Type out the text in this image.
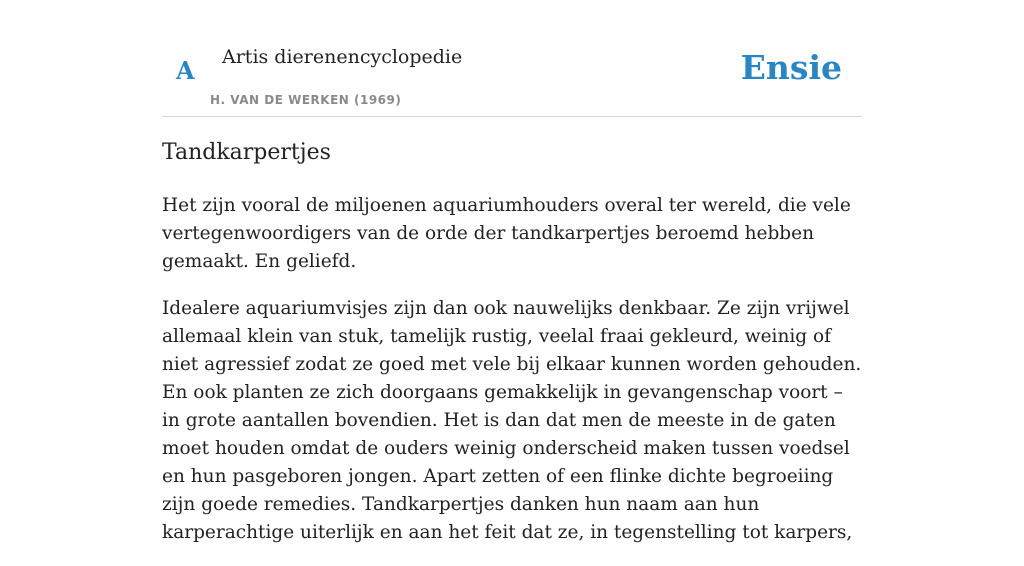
A Artis dierenencyclopedie
H. VAN DE WERKEN (1969)
Ensie
Tandkarpertjes

Het zijn vooral de miljoenen aquariumhouders overal ter wereld, die vele vertegenwoordigers van de orde der tandkarpertjes beroemd hebben gemaakt. En geliefd.

Idealere aquariumvisjes zijn dan ook nauwelijks denkbaar. Ze zijn vrijwel allemaal klein van stuk, tamelijk rustig, veelal fraai gekleurd, weinig of niet agressief zodat ze goed met vele bij elkaar kunnen worden gehouden. En ook planten ze zich doorgaans gemakkelijk in gevangenschap voort – in grote aantallen bovendien. Het is dan dat men de meeste in de gaten moet houden omdat de ouders weinig onderscheid maken tussen voedsel en hun pasgeboren jongen. Apart zetten of een flinke dichte begroeiing zijn goede remedies. Tandkarpertjes danken hun naam aan hun karperachtige uiterlijk en aan het feit dat ze, in tegenstelling tot karpers,
